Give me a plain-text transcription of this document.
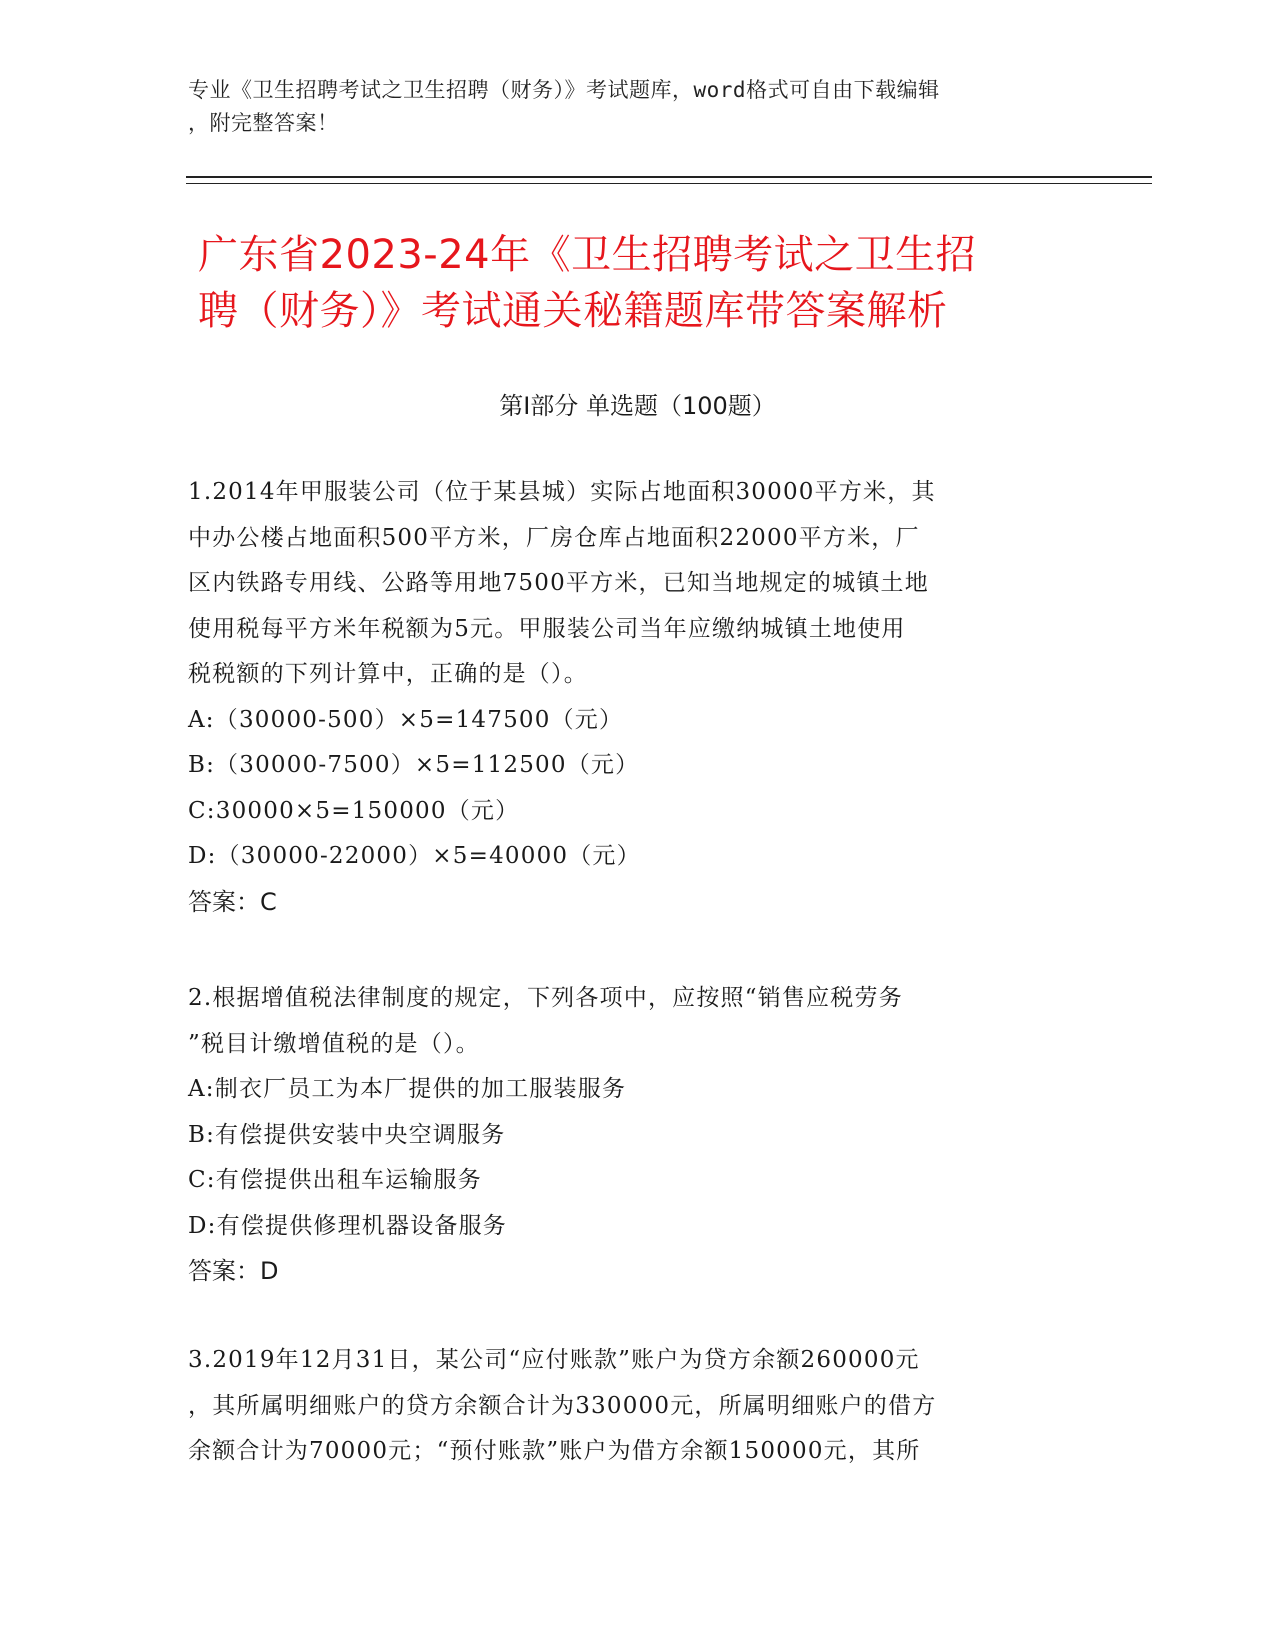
专业《卫生招聘考试之卫生招聘（财务）》考试题库，word格式可自由下载编辑
，附完整答案！
广东省2023-24年《卫生招聘考试之卫生招
聘（财务）》考试通关秘籍题库带答案解析
第I部分 单选题（100题）
1.2014年甲服装公司（位于某县城）实际占地面积30000平方米，其
中办公楼占地面积500平方米，厂房仓库占地面积22000平方米，厂
区内铁路专用线、公路等用地7500平方米，已知当地规定的城镇土地
使用税每平方米年税额为5元。甲服装公司当年应缴纳城镇土地使用
税税额的下列计算中，正确的是（）。
A:（30000-500）×5=147500（元）
B:（30000-7500）×5=112500（元）
C:30000×5=150000（元）
D:（30000-22000）×5=40000（元）
答案：C
2.根据增值税法律制度的规定，下列各项中，应按照“销售应税劳务
”税目计缴增值税的是（）。
A:制衣厂员工为本厂提供的加工服装服务
B:有偿提供安装中央空调服务
C:有偿提供出租车运输服务
D:有偿提供修理机器设备服务
答案：D
3.2019年12月31日，某公司“应付账款”账户为贷方余额260000元
，其所属明细账户的贷方余额合计为330000元，所属明细账户的借方
余额合计为70000元；“预付账款”账户为借方余额150000元，其所
